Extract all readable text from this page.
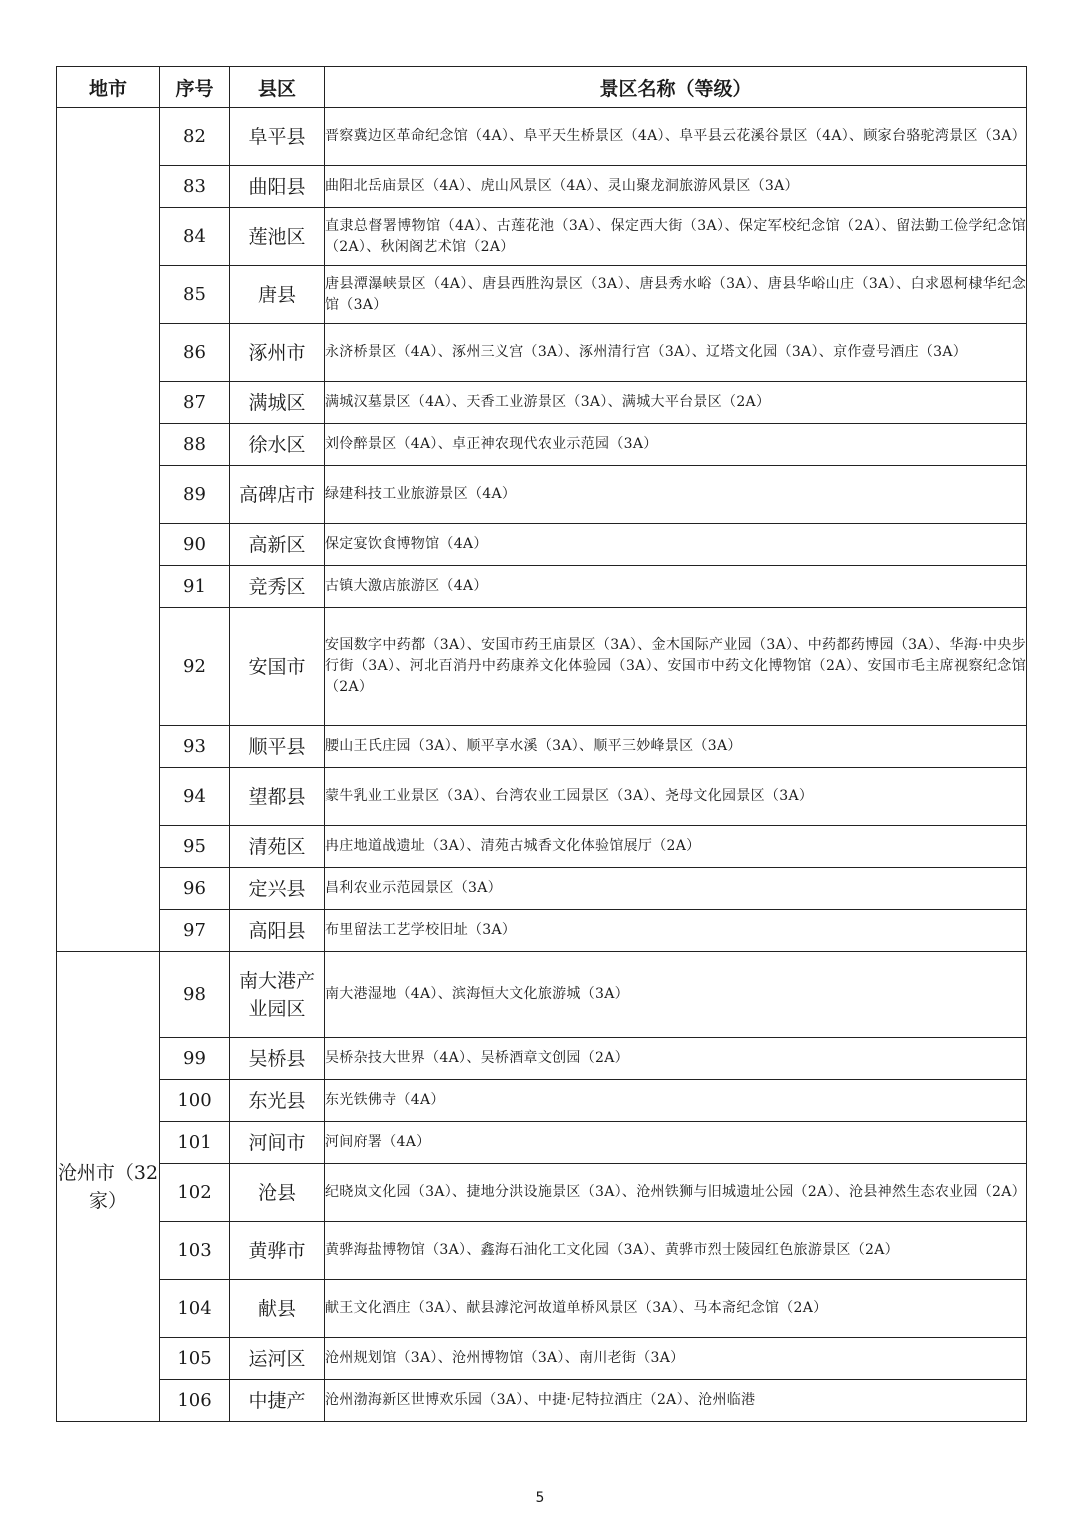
地市	序号	县区	景区名称（等级）
	82	阜平县	晋察冀边区革命纪念馆（4A）、阜平天生桥景区（4A）、阜平县云花溪谷景区（4A）、顾家台骆驼湾景区（3A）
	83	曲阳县	曲阳北岳庙景区（4A）、虎山风景区（4A）、灵山聚龙洞旅游风景区（3A）
	84	莲池区	直隶总督署博物馆（4A）、古莲花池（3A）、保定西大街（3A）、保定军校纪念馆（2A）、留法勤工俭学纪念馆（2A）、秋闲阁艺术馆（2A）
	85	唐县	唐县潭瀑峡景区（4A）、唐县西胜沟景区（3A）、唐县秀水峪（3A）、唐县华峪山庄（3A）、白求恩柯棣华纪念馆（3A）
	86	涿州市	永济桥景区（4A）、涿州三义宫（3A）、涿州清行宫（3A）、辽塔文化园（3A）、京作壹号酒庄（3A）
	87	满城区	满城汉墓景区（4A）、天香工业游景区（3A）、满城大平台景区（2A）
	88	徐水区	刘伶醉景区（4A）、卓正神农现代农业示范园（3A）
	89	高碑店市	绿建科技工业旅游景区（4A）
	90	高新区	保定宴饮食博物馆（4A）
	91	竞秀区	古镇大激店旅游区（4A）
	92	安国市	安国数字中药都（3A）、安国市药王庙景区（3A）、金木国际产业园（3A）、中药都药博园（3A）、华海·中央步行街（3A）、河北百消丹中药康养文化体验园（3A）、安国市中药文化博物馆（2A）、安国市毛主席视察纪念馆（2A）
	93	顺平县	腰山王氏庄园（3A）、顺平享水溪（3A）、顺平三妙峰景区（3A）
	94	望都县	蒙牛乳业工业景区（3A）、台湾农业工园景区（3A）、尧母文化园景区（3A）
	95	清苑区	冉庄地道战遗址（3A）、清苑古城香文化体验馆展厅（2A）
	96	定兴县	昌利农业示范园景区（3A）
	97	高阳县	布里留法工艺学校旧址（3A）
沧州市（32家）	98	南大港产业园区	南大港湿地（4A）、滨海恒大文化旅游城（3A）
	99	吴桥县	吴桥杂技大世界（4A）、吴桥酒章文创园（2A）
	100	东光县	东光铁佛寺（4A）
	101	河间市	河间府署（4A）
	102	沧县	纪晓岚文化园（3A）、捷地分洪设施景区（3A）、沧州铁狮与旧城遗址公园（2A）、沧县神然生态农业园（2A）
	103	黄骅市	黄骅海盐博物馆（3A）、鑫海石油化工文化园（3A）、黄骅市烈士陵园红色旅游景区（2A）
	104	献县	献王文化酒庄（3A）、献县滹沱河故道单桥风景区（3A）、马本斋纪念馆（2A）
	105	运河区	沧州规划馆（3A）、沧州博物馆（3A）、南川老街（3A）
	106	中捷产	沧州渤海新区世博欢乐园（3A）、中捷·尼特拉酒庄（2A）、沧州临港
5
